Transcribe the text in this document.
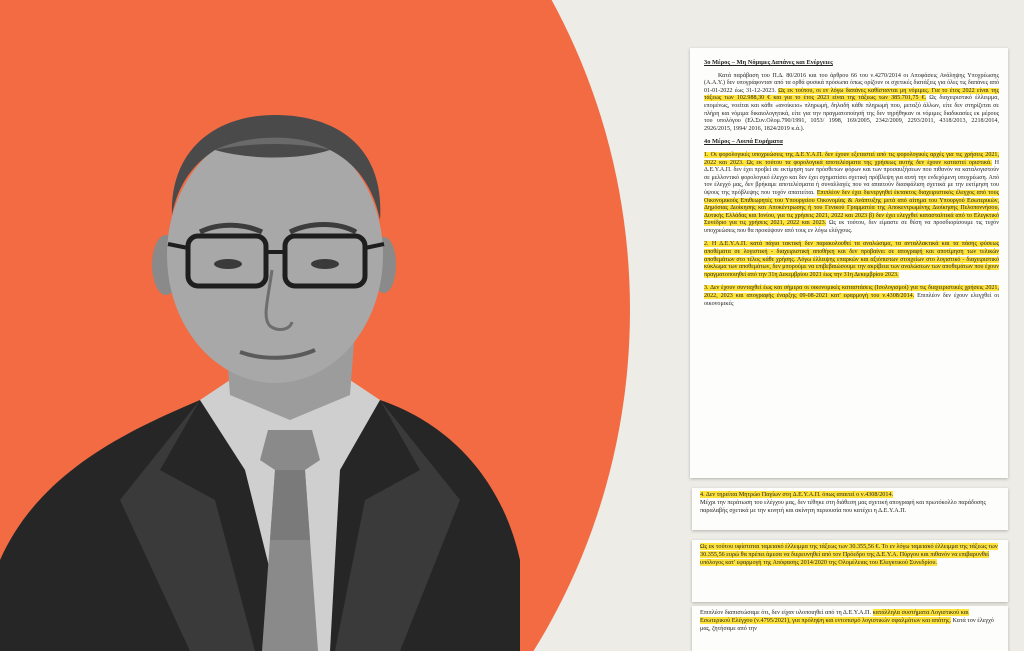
3ο Μέρος – Μη Νόμιμες Δαπάνες και Ενέργειες

Κατά παράβαση του Π.Δ. 80/2016 και του άρθρου 66 του ν.4270/2014 οι Αποφάσεις Ανάληψης Υποχρέωσης (Α.Α.Υ.) δεν υπογράφονταν από τα ορθά φυσικά πρόσωπα όπως ορίζουν οι σχετικές διατάξεις για όλες τις δαπάνες από 01-01-2022 έως 31-12-2023. Ως εκ τούτου, οι εν λόγω δαπάνες καθίστανται μη νόμιμες. Για το έτος 2022 είναι της τάξεως των 102.988,30 € και για το έτος 2023 είναι της τάξεως των 385.701,75 €. Ως διαχειριστικό έλλειμμα, επομένως, νοείται και κάθε «ανοίκειο» πληρωμή, δηλαδή κάθε πληρωμή που, μεταξύ άλλων, είτε δεν στηρίζεται σε πλήρη και νόμιμα δικαιολογητικά, είτε για την πραγματοποίησή της δεν τηρήθηκαν οι νόμιμες διαδικασίες εκ μέρους του υπολόγου (Ελ.Συν.Ολομ.790/1991, 1053/ 1998, 169/2005, 2342/2009, 2293/2011, 4318/2013, 2218/2014, 2926/2015, 1994/ 2016, 1824/2019 κ.ά.).

4ο Μέρος – Λοιπά Ευρήματα

1. Οι φορολογικές υποχρεώσεις της Δ.Ε.Υ.Α.Π. δεν έχουν εξεταστεί από τις φορολογικές αρχές για τις χρήσεις 2021, 2022 και 2023. Ως εκ τούτου τα φορολογικά αποτελέσματα της χρήσεως αυτής δεν έχουν καταστεί οριστικά. Η Δ.Ε.Υ.Α.Π. δεν έχει προβεί σε εκτίμηση των πρόσθετων φόρων και των προσαυξήσεων που πιθανόν να καταλογιστούν σε μελλοντικό φορολογικό έλεγχο και δεν έχει σχηματίσει σχετική πρόβλεψη για αυτή την ενδεχόμενη υποχρέωση. Από τον έλεγχό μας, δεν βρήκαμε αποτελέσματα ή συναλλαγές που να απαιτούν διασφάλιση σχετικά με την εκτίμηση του ύψους της πρόβλεψης που τυχόν απαιτείται. Επιπλέον δεν έχει διενεργηθεί έκτακτος διαχειριστικός έλεγχος από τους Οικονομικούς Επιθεωρητές του Υπουργείου Οικονομίας & Ανάπτυξης μετά από αίτημα του Υπουργού Εσωτερικών, Δημόσιας Διοίκησης και Αποκέντρωσης ή του Γενικού Γραμματέα της Αποκεντρωμένης Διοίκησης Πελοποννήσου, Δυτικής Ελλάδας και Ιονίου, για τις χρήσεις 2021, 2022 και 2023 β) δεν έχει ελεγχθεί κατασταλτικά από το Ελεγκτικό Συνέδριο για τις χρήσεις 2021, 2022 και 2023. Ως εκ τούτου, δεν είμαστε σε θέση να προσδιορίσουμε τις τυχόν υποχρεώσεις που θα προκύψουν από τους εν λόγω ελέγχους.

2. Η Δ.Ε.Υ.Α.Π. κατά πάγια τακτική δεν παρακολουθεί τα αναλώσιμα, τα ανταλλακτικά και τα πάσης φύσεως αποθέματα σε λογιστική - διαχειριστική αποθήκη και δεν προβαίνει σε απογραφή και αποτίμηση των τελικών αποθεμάτων στο τέλος κάθε χρήσης. Λόγω έλλειψης επαρκών και αξιόπιστων στοιχείων στο λογιστικό - διαχειριστικό κύκλωμα των αποθεμάτων, δεν μπορούμε να επιβεβαιώσουμε την ακρίβεια των αναλώσεων των αποθεμάτων που έχουν πραγματοποιηθεί από την 31η Δεκεμβρίου 2021 έως την 31η Δεκεμβρίου 2023.

3. Δεν έχουν συνταχθεί έως και σήμερα οι οικονομικές καταστάσεις (Ισολογισμοί) για τις διαχειριστικές χρήσεις 2021, 2022, 2023 και απογραφής έναρξης 09-08-2021 κατ' εφαρμογή του ν.4308/2014. Επιπλέον δεν έχουν ελεγχθεί οι οικονομικές

4. Δεν τηρείται Μητρώο Παγίων στη Δ.Ε.Υ.Α.Π. όπως απαιτεί ο ν.4308/2014.

Μέχρι την περάτωση του ελέγχου μας, δεν τέθηκε στη διάθεση μας σχετική απογραφή και πρωτόκολλο παράδοσης παραλαβής σχετικά με την κινητή και ακίνητη περιουσία που κατέχει η Δ.Ε.Υ.Α.Π.

Ως εκ τούτου υφίσταται ταμειακό έλλειμμα της τάξεως των 30.355,56 €. Το εν λόγω ταμειακό έλλειμμα της τάξεως των 30.355,56 ευρώ θα πρέπει άμεσα να διερευνηθεί από τον Πρόεδρο της Δ.Ε.Υ.Α. Πύργου και πιθανόν να επιβαρυνθεί υπόλογος κατ' εφαρμογή της Απόφασης 2014/2020 της Ολομέλειας του Ελεγκτικού Συνεδρίου.

Επιπλέον διαπιστώσαμε ότι, δεν είχαν υλοποιηθεί από τη Δ.Ε.Υ.Α.Π. κατάλληλα συστήματα Λογιστικού και Εσωτερικού Ελέγχου (ν.4795/2021), για πρόληψη και εντοπισμό λογιστικών σφαλμάτων και απάτης. Κατά τον έλεγχό μας, ζητήσαμε από την
